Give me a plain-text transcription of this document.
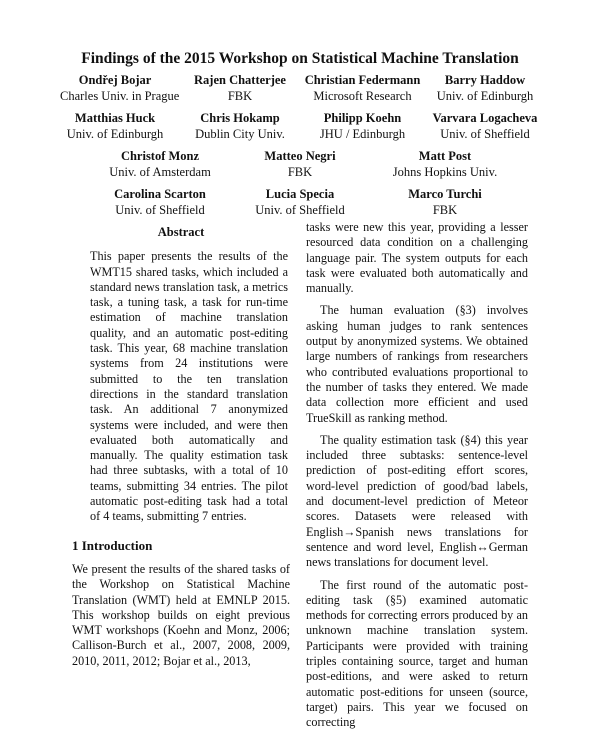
Findings of the 2015 Workshop on Statistical Machine Translation
Ondřej Bojar
Charles Univ. in Prague
Rajen Chatterjee
FBK
Christian Federmann
Microsoft Research
Barry Haddow
Univ. of Edinburgh
Matthias Huck
Univ. of Edinburgh
Chris Hokamp
Dublin City Univ.
Philipp Koehn
JHU / Edinburgh
Varvara Logacheva
Univ. of Sheffield
Christof Monz
Univ. of Amsterdam
Matteo Negri
FBK
Matt Post
Johns Hopkins Univ.
Carolina Scarton
Univ. of Sheffield
Lucia Specia
Univ. of Sheffield
Marco Turchi
FBK
Abstract
This paper presents the results of the WMT15 shared tasks, which included a standard news translation task, a metrics task, a tuning task, a task for run-time estimation of machine translation quality, and an automatic post-editing task. This year, 68 machine translation systems from 24 institutions were submitted to the ten translation directions in the standard translation task. An additional 7 anonymized systems were included, and were then evaluated both automatically and manually. The quality estimation task had three subtasks, with a total of 10 teams, submitting 34 entries. The pilot automatic post-editing task had a total of 4 teams, submitting 7 entries.
1 Introduction
We present the results of the shared tasks of the Workshop on Statistical Machine Translation (WMT) held at EMNLP 2015. This workshop builds on eight previous WMT workshops (Koehn and Monz, 2006; Callison-Burch et al., 2007, 2008, 2009, 2010, 2011, 2012; Bojar et al., 2013,
tasks were new this year, providing a lesser resourced data condition on a challenging language pair. The system outputs for each task were evaluated both automatically and manually.
The human evaluation (§3) involves asking human judges to rank sentences output by anonymized systems. We obtained large numbers of rankings from researchers who contributed evaluations proportional to the number of tasks they entered. We made data collection more efficient and used TrueSkill as ranking method.
The quality estimation task (§4) this year included three subtasks: sentence-level prediction of post-editing effort scores, word-level prediction of good/bad labels, and document-level prediction of Meteor scores. Datasets were released with English→Spanish news translations for sentence and word level, English↔German news translations for document level.
The first round of the automatic post-editing task (§5) examined automatic methods for correcting errors produced by an unknown machine translation system. Participants were provided with training triples containing source, target and human post-editions, and were asked to return automatic post-editions for unseen (source, target) pairs. This year we focused on correcting
